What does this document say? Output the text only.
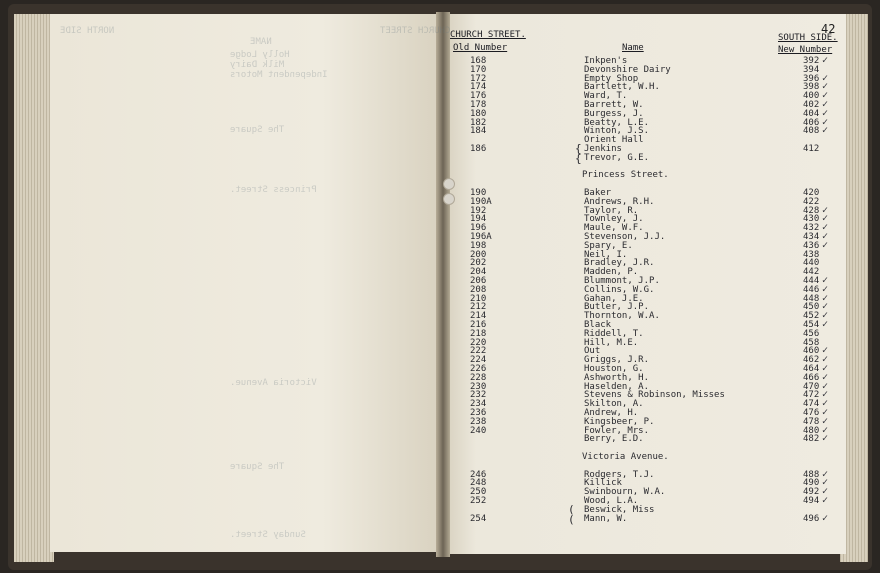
NORTH SIDE	CHURCH STREET
NAME
Holly Lodge
Milk Dairy
Independent Motors
The Square
Princess Street.
Victoria Avenue.
The Square
Sunday Street.
CHURCH STREET.	SOUTH SIDE.
42
Old Number	Name	New Number
168	Inkpen's	392 ✓
170	Devonshire Dairy	394
172	Empty Shop	396 ✓
174	Bartlett, W.H.	398 ✓
176	Ward, T.	400 ✓
178	Barrett, W.	402 ✓
180	Burgess, J.	404 ✓
182	Beatty, L.E.	406 ✓
184	Winton, J.S.	408 ✓
Orient Hall
186	Jenkins	412
Trevor, G.E.
Princess Street.
190	Baker	420
190A	Andrews, R.H.	422
192	Taylor, R.	428 ✓
194	Townley, J.	430 ✓
196	Maule, W.F.	432 ✓
196A	Stevenson, J.J.	434 ✓
198	Spary, E.	436 ✓
200	Neil, I.	438
202	Bradley, J.R.	440
204	Madden, P.	442
206	Blummont, J.P.	444 ✓
208	Collins, W.G.	446 ✓
210	Gahan, J.E.	448 ✓
212	Butler, J.P.	450 ✓
214	Thornton, W.A.	452 ✓
216	Black	454 ✓
218	Riddell, T.	456
220	Hill, M.E.	458
222	Out	460 ✓
224	Griggs, J.R.	462 ✓
226	Houston, G.	464 ✓
228	Ashworth, H.	466 ✓
230	Haselden, A.	470 ✓
232	Stevens & Robinson, Misses	472 ✓
234	Skilton, A.	474 ✓
236	Andrew, H.	476 ✓
238	Kingsbeer, P.	478 ✓
240	Fowler, Mrs.	480 ✓
Berry, E.D.	482 ✓
Victoria Avenue.
246	Rodgers, T.J.	488 ✓
248	Killick	490 ✓
250	Swinbourn, W.A.	492 ✓
252	Wood, L.A.	494 ✓
Beswick, Miss
254	Mann, W.	496 ✓
{
{
(
(
